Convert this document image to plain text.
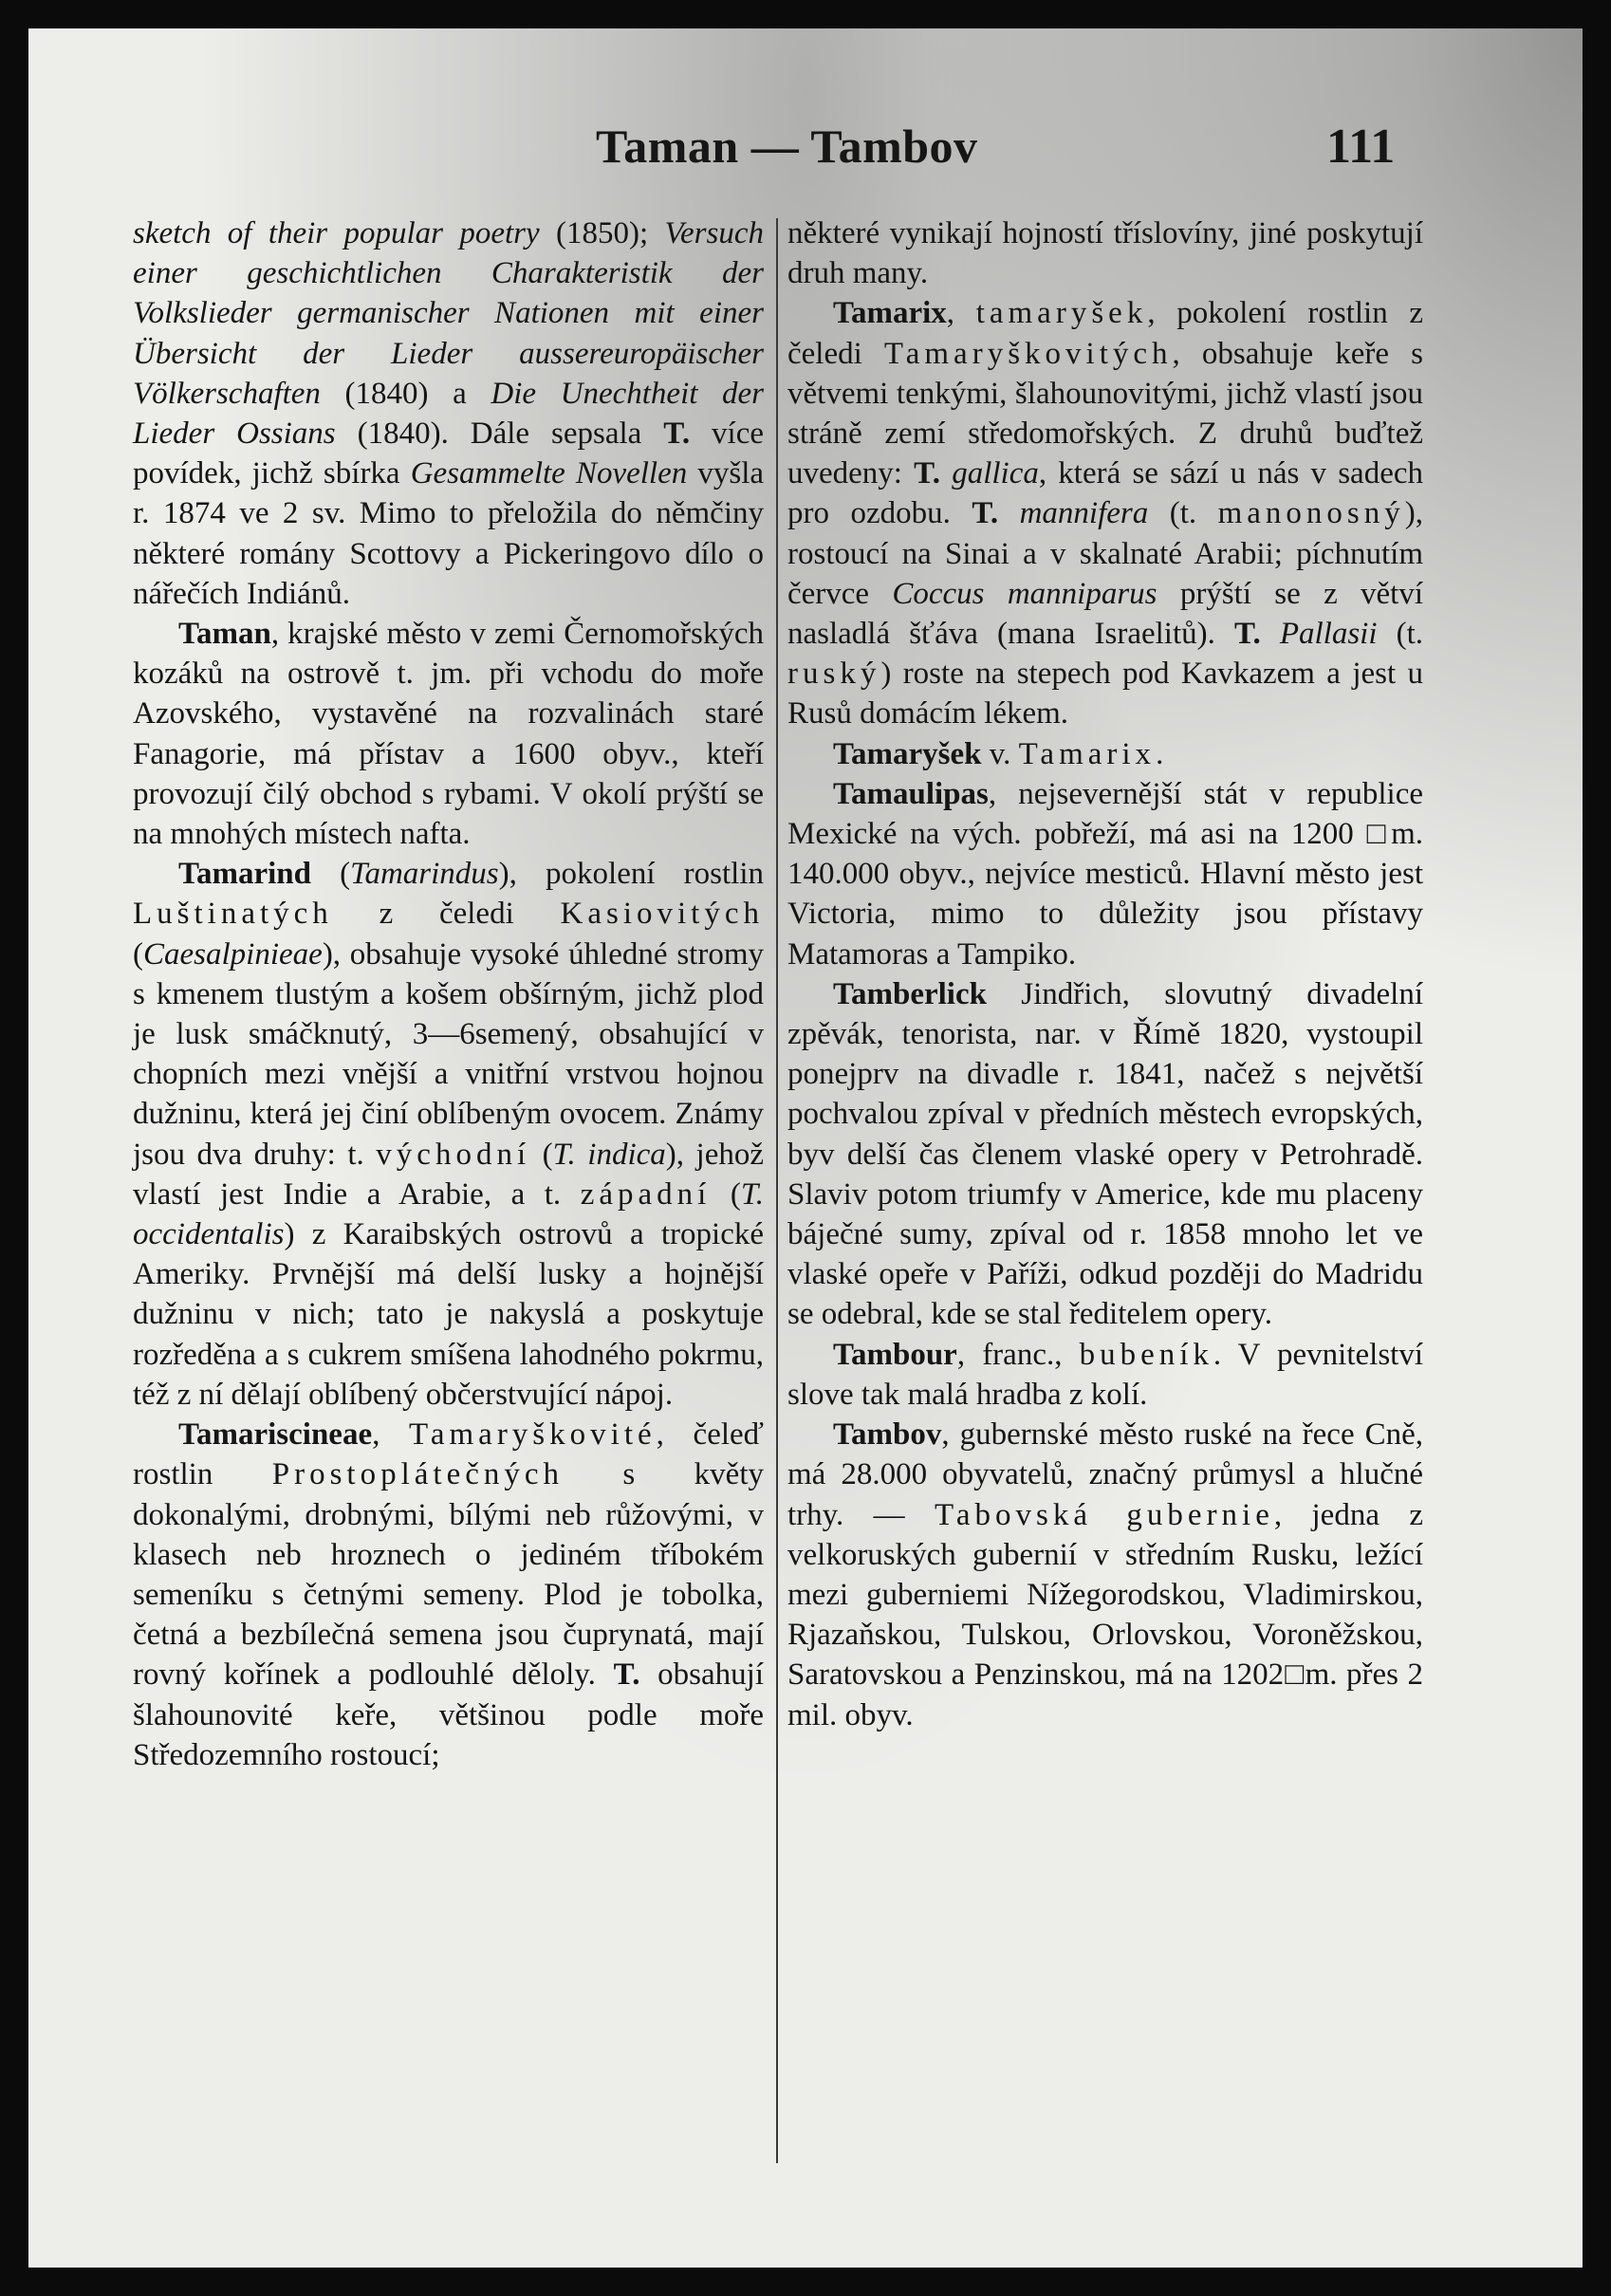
Taman — Tambov	111

sketch of their popular poetry (1850); Versuch einer geschichtlichen Charakteristik der Volkslieder germanischer Nationen mit einer Übersicht der Lieder aussereuropäischer Völkerschaften (1840) a Die Unechtheit der Lieder Ossians (1840). Dále sepsala T. více povídek, jichž sbírka Gesammelte Novellen vyšla r. 1874 ve 2 sv. Mimo to přeložila do němčiny některé romány Scottovy a Pickeringovo dílo o nářečích Indiánů.

Taman, krajské město v zemi Černomořských kozáků na ostrově t. jm. při vchodu do moře Azovského, vystavěné na rozvalinách staré Fanagorie, má přístav a 1600 obyv., kteří provozují čilý obchod s rybami. V okolí prýští se na mnohých místech nafta.

Tamarind (Tamarindus), pokolení rostlin Luštinatých z čeledi Kasiovitých (Caesalpinieae), obsahuje vysoké úhledné stromy s kmenem tlustým a košem obšírným, jichž plod je lusk smáčknutý, 3—6semený, obsahující v chopních mezi vnější a vnitřní vrstvou hojnou dužninu, která jej činí oblíbeným ovocem. Známy jsou dva druhy: t. východní (T. indica), jehož vlastí jest Indie a Arabie, a t. západní (T. occidentalis) z Karaibských ostrovů a tropické Ameriky. Prvnější má delší lusky a hojnější dužninu v nich; tato je nakyslá a poskytuje rozředěna a s cukrem smíšena lahodného pokrmu, též z ní dělají oblíbený občerstvující nápoj.

Tamariscineae, Tamaryškovité, čeleď rostlin Prostoplátečných s květy dokonalými, drobnými, bílými neb růžovými, v klasech neb hroznech o jediném tříbokém semeníku s četnými semeny. Plod je tobolka, četná a bezbílečná semena jsou čuprynatá, mají rovný kořínek a podlouhlé děloly. T. obsahují šlahounovité keře, většinou podle moře Středozemního rostoucí;

některé vynikají hojností tříslovíny, jiné poskytují druh many.

Tamarix, tamaryšek, pokolení rostlin z čeledi Tamaryškovitých, obsahuje keře s větvemi tenkými, šlahounovitými, jichž vlastí jsou stráně zemí středomořských. Z druhů buďtež uvedeny: T. gallica, která se sází u nás v sadech pro ozdobu. T. mannifera (t. manonosný), rostoucí na Sinai a v skalnaté Arabii; píchnutím červce Coccus manniparus prýští se z větví nasladlá šťáva (mana Israelitů). T. Pallasii (t. ruský) roste na stepech pod Kavkazem a jest u Rusů domácím lékem.

Tamaryšek v. Tamarix.

Tamaulipas, nejsevernější stát v republice Mexické na vých. pobřeží, má asi na 1200 □m. 140.000 obyv., nejvíce mesticů. Hlavní město jest Victoria, mimo to důležity jsou přístavy Matamoras a Tampiko.

Tamberlick Jindřich, slovutný divadelní zpěvák, tenorista, nar. v Římě 1820, vystoupil ponejprv na divadle r. 1841, načež s největší pochvalou zpíval v předních městech evropských, byv delší čas členem vlaské opery v Petrohradě. Slaviv potom triumfy v Americe, kde mu placeny báječné sumy, zpíval od r. 1858 mnoho let ve vlaské opeře v Paříži, odkud později do Madridu se odebral, kde se stal ředitelem opery.

Tambour, franc., bubeník. V pevnitelství slove tak malá hradba z kolí.

Tambov, gubernské město ruské na řece Cně, má 28.000 obyvatelů, značný průmysl a hlučné trhy. — Tabovská gubernie, jedna z velkoruských gubernií v středním Rusku, ležící mezi guberniemi Nížegorodskou, Vladimirskou, Rjazaňskou, Tulskou, Orlovskou, Voroněžskou, Saratovskou a Penzinskou, má na 1202□m. přes 2 mil. obyv.
